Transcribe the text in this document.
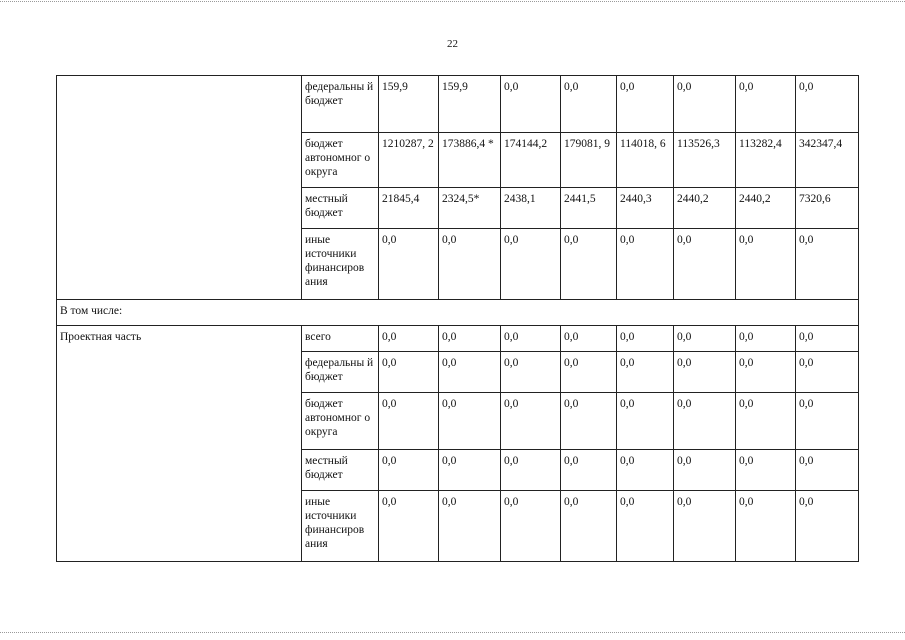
22
	федеральны й бюджет	159,9	159,9	0,0	0,0	0,0	0,0	0,0	0,0
	бюджет автономног о округа	1210287, 2	173886,4 *	174144,2	179081, 9	114018, 6	113526,3	113282,4	342347,4
	местный бюджет	21845,4	2324,5*	2438,1	2441,5	2440,3	2440,2	2440,2	7320,6
	иные источники финансиров ания	0,0	0,0	0,0	0,0	0,0	0,0	0,0	0,0
В том числе:									
Проектная часть	всего	0,0	0,0	0,0	0,0	0,0	0,0	0,0	0,0
	федеральны й бюджет	0,0	0,0	0,0	0,0	0,0	0,0	0,0	0,0
	бюджет автономног о округа	0,0	0,0	0,0	0,0	0,0	0,0	0,0	0,0
	местный бюджет	0,0	0,0	0,0	0,0	0,0	0,0	0,0	0,0
	иные источники финансиров ания	0,0	0,0	0,0	0,0	0,0	0,0	0,0	0,0
